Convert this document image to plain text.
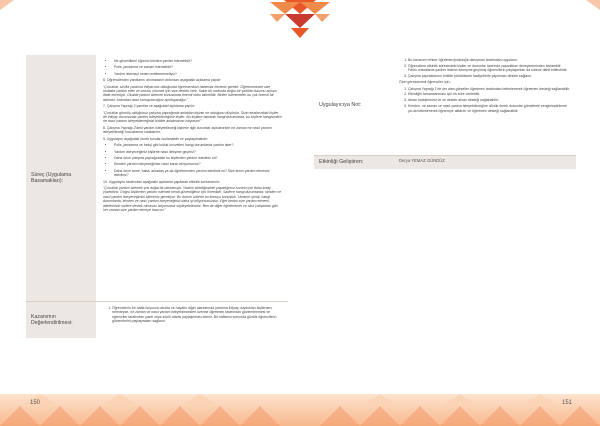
Süreç (Uygulama Basamakları):
• Ne güvenlikleri öğrenci kimden yardım istemelidir?
• Polis, jandarma ve zaman istemelidir?
• Yardım istemeyi neden ertelememeliyiz?

6. Öğrencilerden yanıtlarını alınmasının ardından aşağıdaki açıklama yapılır:

"Çocuklar, sınıfta yardıma ihtiyacınız olduğunda öğretmeninizi haberdar etmeniz gerekir. Öğretmeninize size mutlaka yardım eder ve sorunu çözmek için size destek verir. Sakin bir ortamda doğru bir şekilde durumu açıkça ifade etmeliyiz. Okulda yardım istemek konusunda önemli olanı bilmelidir. Birileri istenmeden bu çok önemli bir adımdır. Ardından nasıl konuşulacağını açıklayacağız."

7. Çalışma Yaprağı 2 yanıtlar ve aşağıdaki açıklama yapılır:

"Çocuklar görmüş olduğunuz çalışma yaprağında anlatılan kişinin ne olduğunu düşünün. Sizin etrafınızdaki kişiler de ihtiyaç durumunda yardım isteyebileceğiniz kişiler. Bu kişilere bakarak hangi durumlarda, bu kişilere hangisinden ne nasıl yardım isteyebileceğinizi birlikte anlatmanızı istiyorum!"

8. Çalışma Yaprağı 2'deki yardım isteyebileceği kişilerle ilgili durumlar açıklanırken ne zaman ne nasıl yardım isteyebileceği hususlarına odaklanılır.

9. Uygulayıcı aşağıdaki örnek soruları kullanabilir ve paylaşılmalıdır:

• Polis, jandarma ve bekçi gibi kolluk kuvvetleri hangi durumlarda yardım ister?
• Yardım isteyeceğimiz kişilerle nasıl iletişime geçeriz?
• Daha önce çalışma yaprağındaki bu kişilerden yardım istediniz mi?
• Kimden yardım isteyeceğinize nasıl karar veriyorsunuz?
• Daha önce anne, baba, arkadaş ya da öğretmenden yardım istediniz mi? Size kimin yardım etmesini istediniz?

10. Uygulayıcı tarafından aşağıdaki açıklama yapılarak etkinlik sonlandırılır:

"Çocuklar yardım istemek çok doğal bir davranıştır. Yardım istediğimizde yaşadığımız sorunu çok daha kolay çözebiliriz. Doğru kişilerden yardım istemek kendi güvenliğimiz için önemlidir. Sadece hangi durumlarda, kimden ve nasıl yardım isteyeceğimizi bilmemiz gerekiyor. Bu durum sizlerle bu konuyu konuştuk. Umarım şimdi, hangi durumlarda, kimden ve nasıl yardım isteyeceğinizi daha iyi biliyorsunuzdur. Eğer benim size yardım etmemi, ailelerinizin sizlere destek olmasını istiyorsanız söyleyebilirsiniz. Ben de diğer öğretmenler ve okul çalışanları gibi her zaman size yardım etmeye hazırım."

Kazanımın Değerlendirilmesi:
1. Öğrencilerin bir hafta boyunca okulda ve hayatın diğer alanlarında yardıma ihtiyaç duydukları kişilerden, neredeyse, ne zaman ve nasıl yardım isteyebilecekleri üzerine öğretmen tarafından gözlemlenmesi ve öğrenciler tarafından yazılı veya sözlü olarak paylaşılması istenir. Bir haftanın sonunda günlük öğrencilerin gözlemlerini paylaşmaları sağlanır.
Uygulayıcıya Not:
1. Bu kazanım rehber öğretmen/psikolojik danışman tarafından uygulanır.
2. Öğrencilere etkinlik süresindeki kişiler ve durumlar üzerinde yaşadıkları deneyimlerinden bahsedilir. Farklı ortamlarda yardım isteme deneyimi geçirmiş öğrencilerin paylaşımları da sürece dâhil edilmelidir.
3. Çalışma yapraklarının birlikte yürütülecek faaliyetlerle yapılması destek sağlanır.

Özel gereksinimli öğrenciler için;

1. Çalışma Yaprağı 1'de yer alan görseller öğretmen tarafından betimlenerek öğretmen desteği sağlanabilir.
2. Etkinliğin tamamlanması için ek süre verilebilir.
3. Akran eşleştirmesi ve ve destek akran desteği sağlanabilir.
4. Kimden, ne zaman ve nasıl yardım isteyebileceğine dönük örnek durumlar görsellerle zenginleştirilerek ya da betimlenerek öğrenciye aktarılır ve öğretmen desteği sağlanabilir.
Etkinliği Geliştiren:	Derya YEMAZ GÜNDÜZ
150	151
